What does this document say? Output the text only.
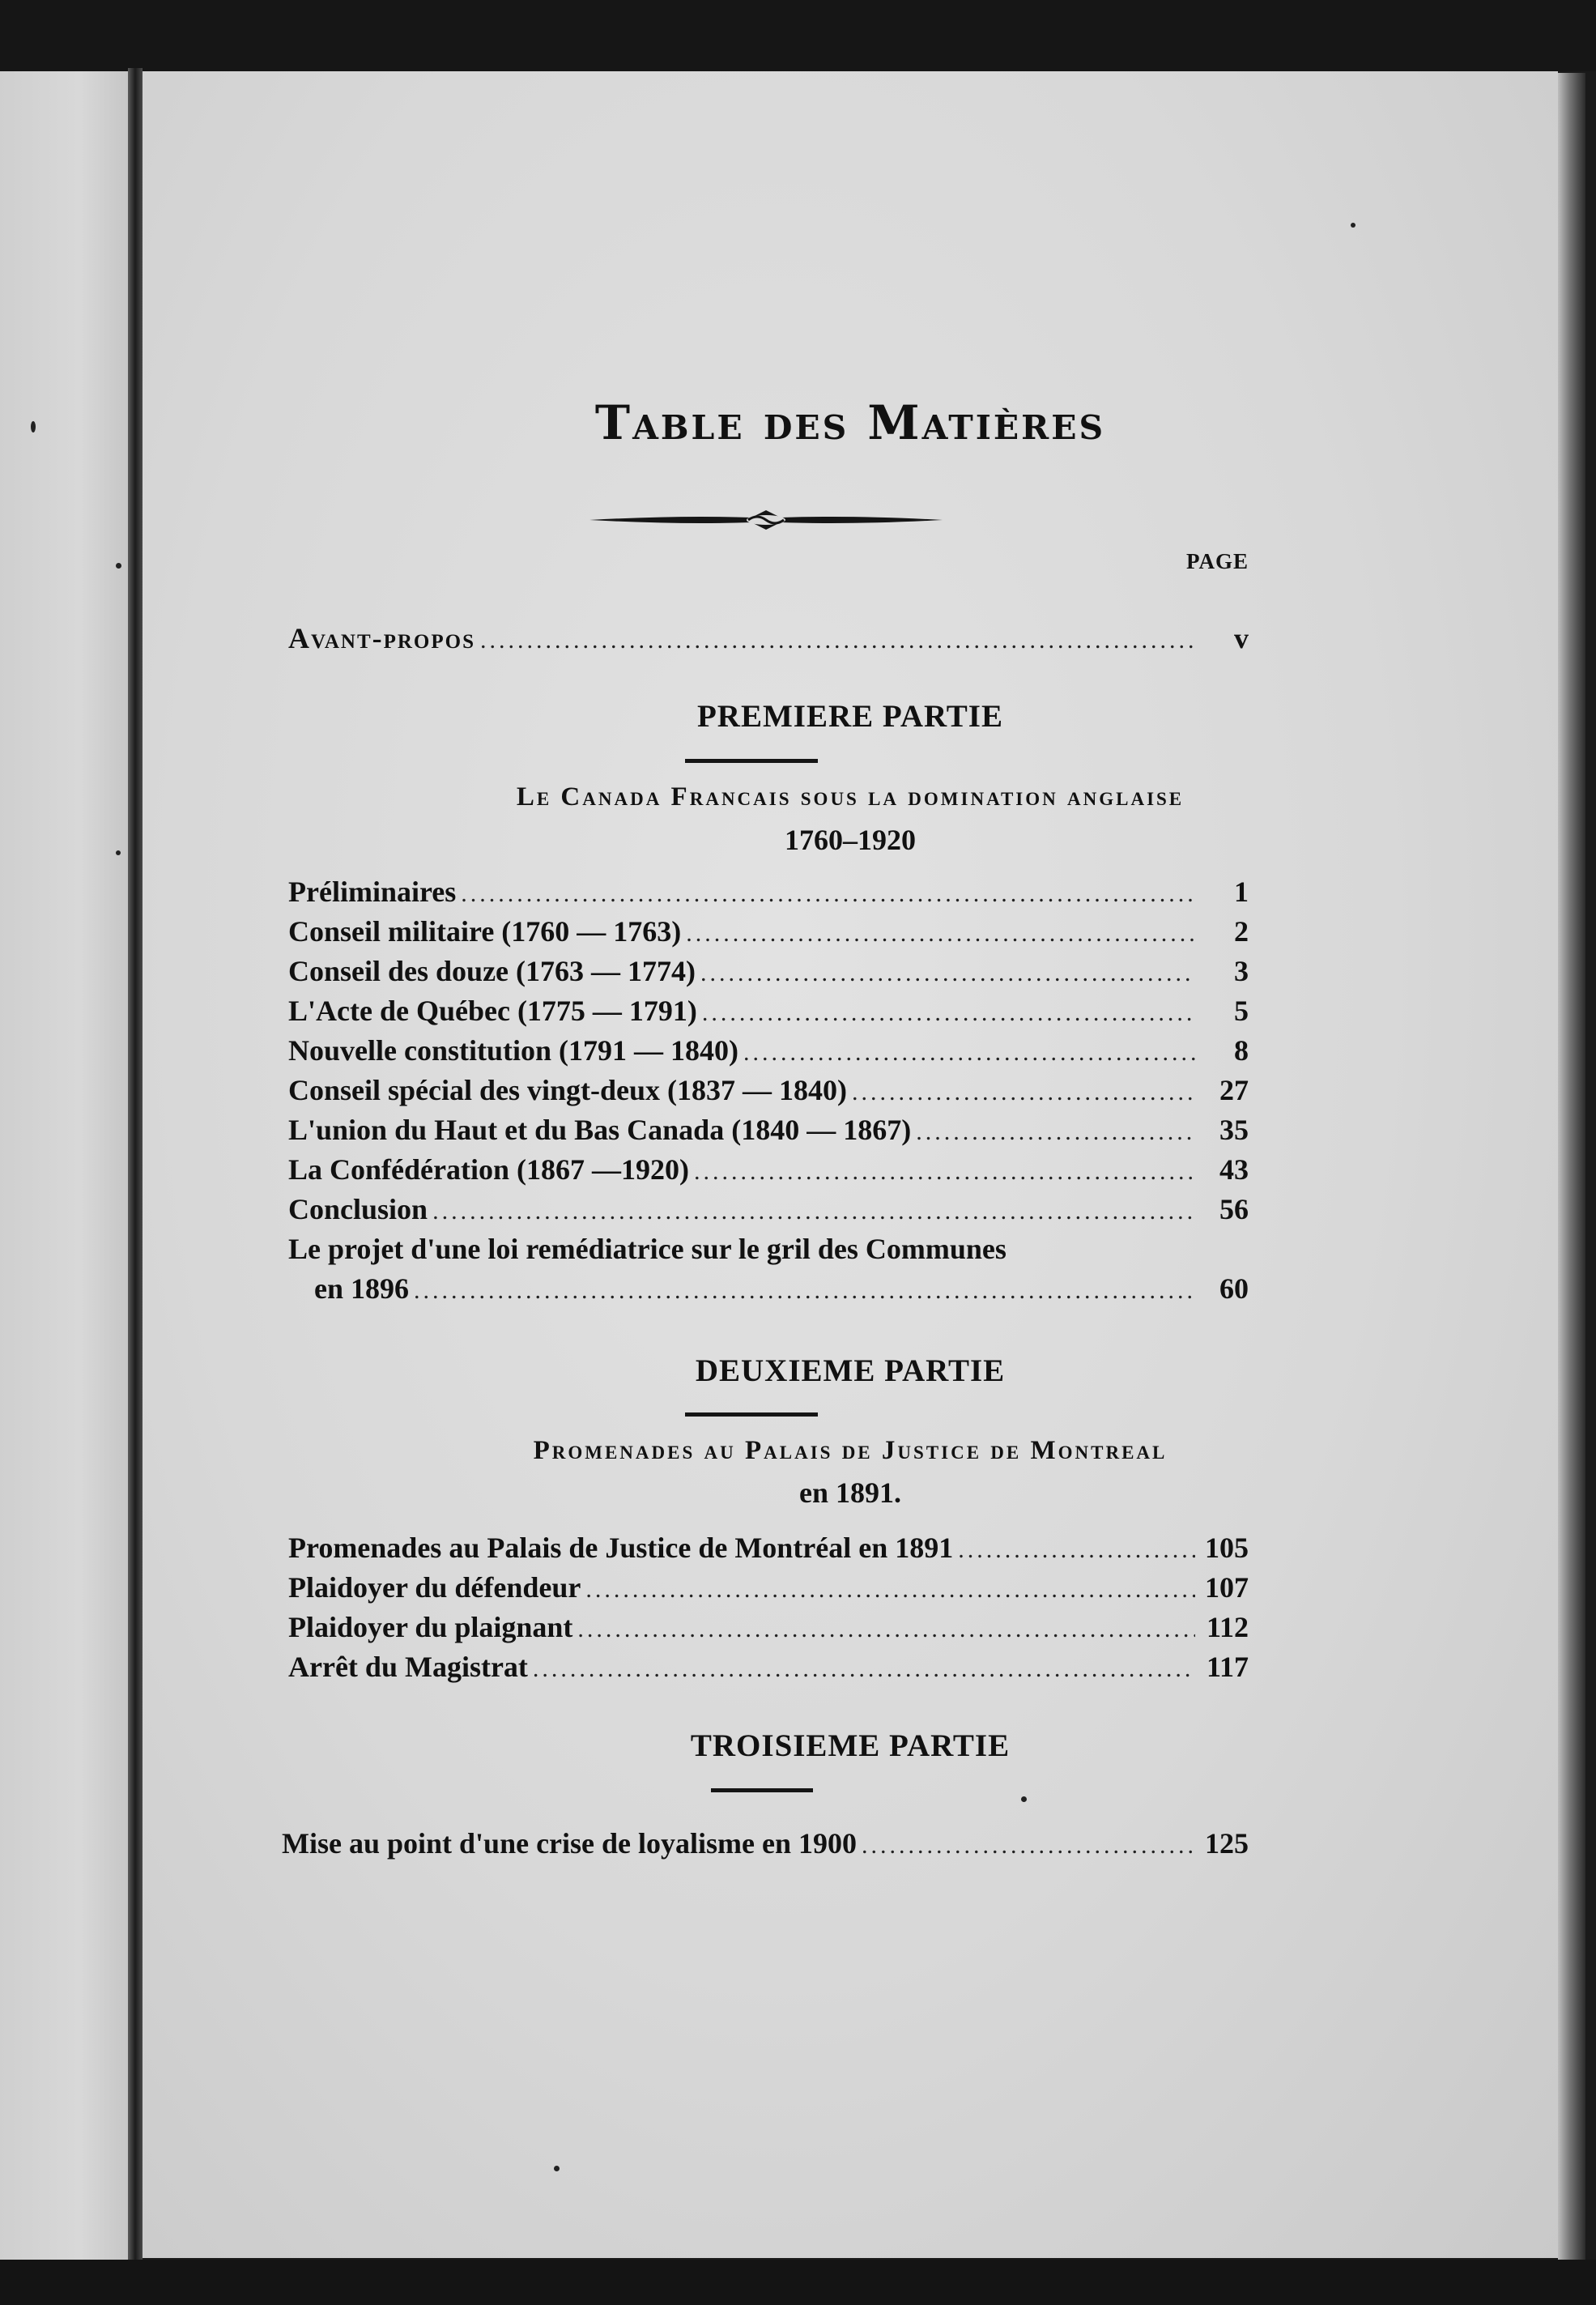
Table des Matières
PAGE
Avant-propos .....	v
PREMIERE PARTIE
Le Canada Francais sous la domination anglaise
1760–1920
Préliminaires .....	1
Conseil militaire (1760 — 1763) .....	2
Conseil des douze (1763 — 1774) .....	3
L'Acte de Québec (1775 — 1791) .....	5
Nouvelle constitution (1791 — 1840) .....	8
Conseil spécial des vingt-deux (1837 — 1840) .....	27
L'union du Haut et du Bas Canada (1840 — 1867) .....	35
La Confédération (1867 —1920) .....	43
Conclusion .....	56
Le projet d'une loi remédiatrice sur le gril des Communes
en 1896 .....	60
DEUXIEME PARTIE
Promenades au Palais de Justice de Montreal
en 1891.
Promenades au Palais de Justice de Montréal en 1891 .....	105
Plaidoyer du défendeur .....	107
Plaidoyer du plaignant .....	112
Arrêt du Magistrat .....	117
TROISIEME PARTIE
Mise au point d'une crise de loyalisme en 1900 .....	125
